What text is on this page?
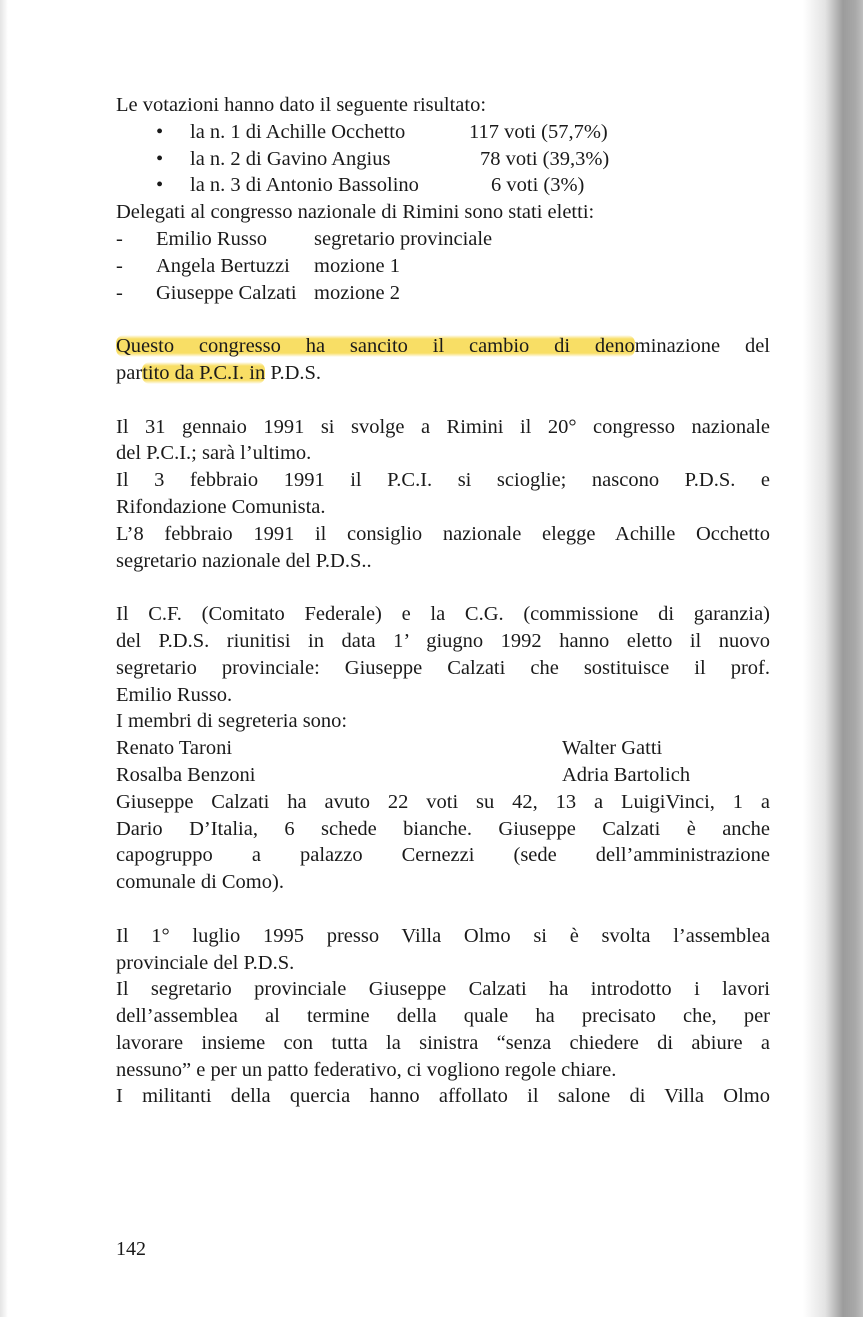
Le votazioni hanno dato il seguente risultato:
• la n. 1 di Achille Occhetto	117 voti (57,7%)
• la n. 2 di Gavino Angius	78 voti (39,3%)
• la n. 3 di Antonio Bassolino	6 voti (3%)
Delegati al congresso nazionale di Rimini sono stati eletti:
- Emilio Russo segretario provinciale
- Angela Bertuzzi mozione 1
- Giuseppe Calzati mozione 2
Questo congresso ha sancito il cambio di denominazione del
partito da P.C.I. in P.D.S.
Il 31 gennaio 1991 si svolge a Rimini il 20° congresso nazionale
del P.C.I.; sarà l’ultimo.
Il 3 febbraio 1991 il P.C.I. si scioglie; nascono P.D.S. e
Rifondazione Comunista.
L’8 febbraio 1991 il consiglio nazionale elegge Achille Occhetto
segretario nazionale del P.D.S..
Il C.F. (Comitato Federale) e la C.G. (commissione di garanzia)
del P.D.S. riunitisi in data 1’ giugno 1992 hanno eletto il nuovo
segretario provinciale: Giuseppe Calzati che sostituisce il prof.
Emilio Russo.
I membri di segreteria sono:
Renato Taroni	Walter Gatti
Rosalba Benzoni	Adria Bartolich
Giuseppe Calzati ha avuto 22 voti su 42, 13 a LuigiVinci, 1 a
Dario D’Italia, 6 schede bianche. Giuseppe Calzati è anche
capogruppo a palazzo Cernezzi (sede dell’amministrazione
comunale di Como).
Il 1° luglio 1995 presso Villa Olmo si è svolta l’assemblea
provinciale del P.D.S.
Il segretario provinciale Giuseppe Calzati ha introdotto i lavori
dell’assemblea al termine della quale ha precisato che, per
lavorare insieme con tutta la sinistra “senza chiedere di abiure a
nessuno” e per un patto federativo, ci vogliono regole chiare.
I militanti della quercia hanno affollato il salone di Villa Olmo
142
